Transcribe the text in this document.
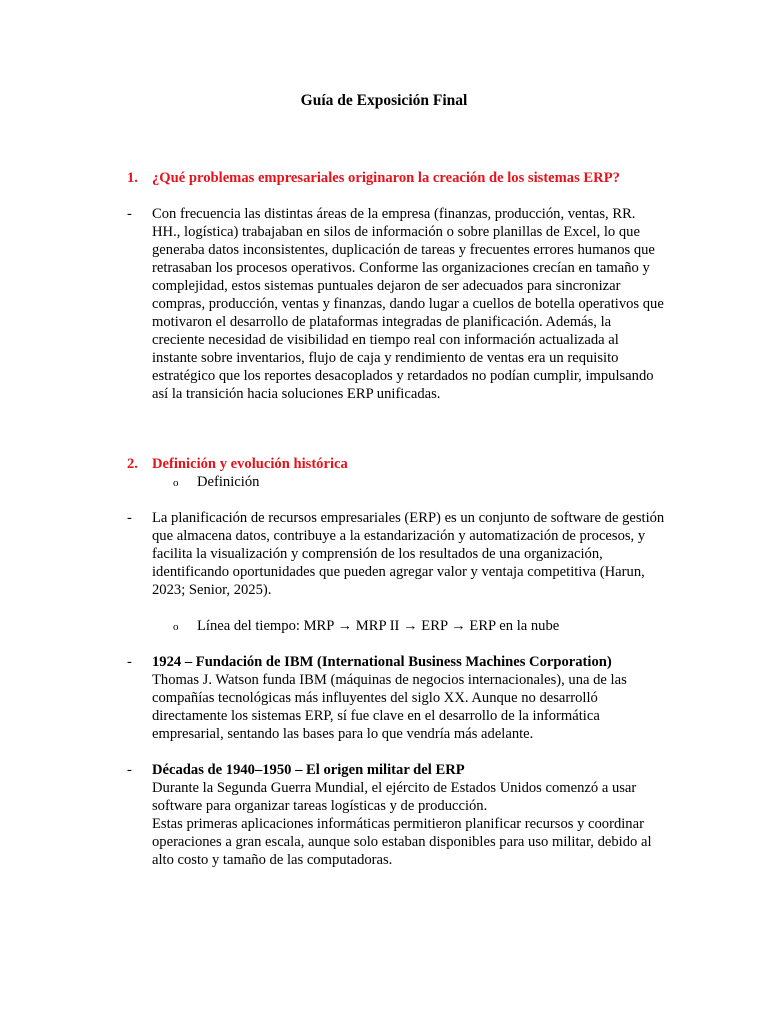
Guía de Exposición Final
1. ¿Qué problemas empresariales originaron la creación de los sistemas ERP?
- Con frecuencia las distintas áreas de la empresa (finanzas, producción, ventas, RR. HH., logística) trabajaban en silos de información o sobre planillas de Excel, lo que generaba datos inconsistentes, duplicación de tareas y frecuentes errores humanos que retrasaban los procesos operativos. Conforme las organizaciones crecían en tamaño y complejidad, estos sistemas puntuales dejaron de ser adecuados para sincronizar compras, producción, ventas y finanzas, dando lugar a cuellos de botella operativos que motivaron el desarrollo de plataformas integradas de planificación. Además, la creciente necesidad de visibilidad en tiempo real con información actualizada al instante sobre inventarios, flujo de caja y rendimiento de ventas era un requisito estratégico que los reportes desacoplados y retardados no podían cumplir, impulsando así la transición hacia soluciones ERP unificadas.
2. Definición y evolución histórica
o Definición
- La planificación de recursos empresariales (ERP) es un conjunto de software de gestión que almacena datos, contribuye a la estandarización y automatización de procesos, y facilita la visualización y comprensión de los resultados de una organización, identificando oportunidades que pueden agregar valor y ventaja competitiva (Harun, 2023; Senior, 2025).
o Línea del tiempo: MRP → MRP II → ERP → ERP en la nube
- 1924 – Fundación de IBM (International Business Machines Corporation)
Thomas J. Watson funda IBM (máquinas de negocios internacionales), una de las compañías tecnológicas más influyentes del siglo XX. Aunque no desarrolló directamente los sistemas ERP, sí fue clave en el desarrollo de la informática empresarial, sentando las bases para lo que vendría más adelante.
- Décadas de 1940–1950 – El origen militar del ERP
Durante la Segunda Guerra Mundial, el ejército de Estados Unidos comenzó a usar software para organizar tareas logísticas y de producción.
Estas primeras aplicaciones informáticas permitieron planificar recursos y coordinar operaciones a gran escala, aunque solo estaban disponibles para uso militar, debido al alto costo y tamaño de las computadoras.
